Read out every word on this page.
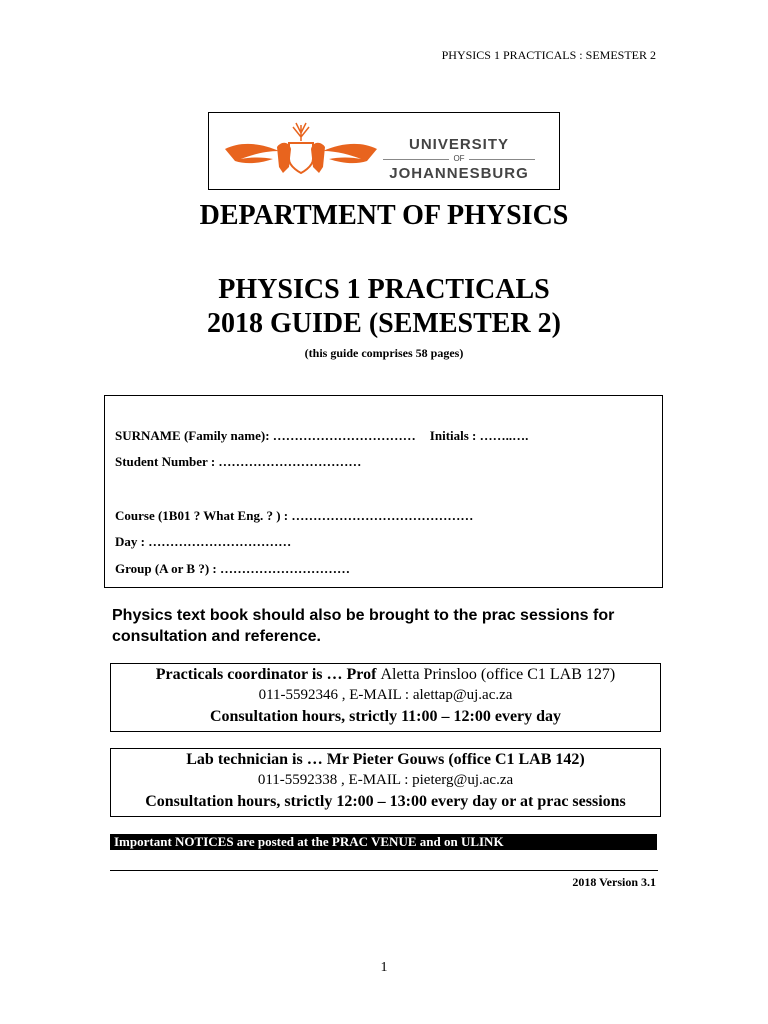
PHYSICS 1 PRACTICALS : SEMESTER 2
UNIVERSITY
OF
JOHANNESBURG
DEPARTMENT OF PHYSICS
PHYSICS 1 PRACTICALS
2018 GUIDE (SEMESTER 2)
(this guide comprises 58 pages)
SURNAME (Family name): …………………………… Initials : ……..….
Student Number : ……………………………
Course (1B01 ? What Eng. ? ) : ……………………………………
Day : ……………………………
Group (A or B ?) : …………………………
Physics text book should also be brought to the prac sessions for consultation and reference.
Practicals coordinator is … Prof Aletta Prinsloo (office C1 LAB 127)
011-5592346 , E-MAIL : alettap@uj.ac.za
Consultation hours, strictly 11:00 – 12:00 every day
Lab technician is … Mr Pieter Gouws (office C1 LAB 142)
011-5592338 , E-MAIL : pieterg@uj.ac.za
Consultation hours, strictly 12:00 – 13:00 every day or at prac sessions
Important NOTICES are posted at the PRAC VENUE and on ULINK
2018 Version 3.1
1
